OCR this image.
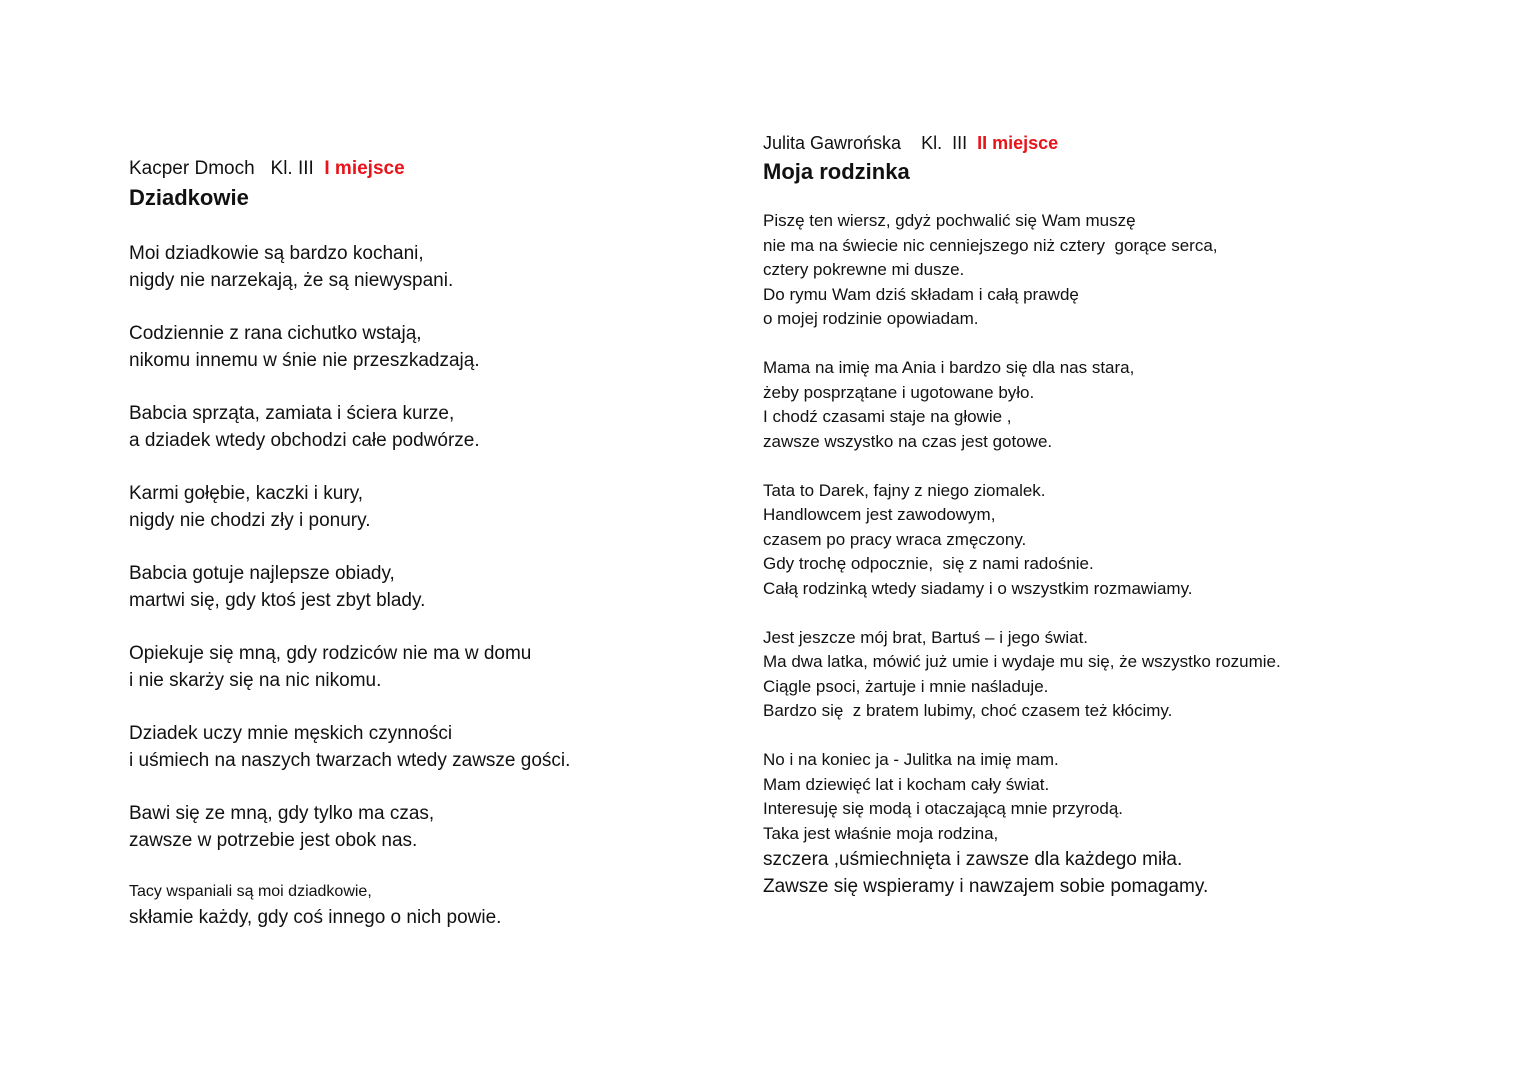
Kacper Dmoch Kl. III I miejsce
Dziadkowie

Moi dziadkowie są bardzo kochani,
nigdy nie narzekają, że są niewyspani.

Codziennie z rana cichutko wstają,
nikomu innemu w śnie nie przeszkadzają.

Babcia sprząta, zamiata i ściera kurze,
a dziadek wtedy obchodzi całe podwórze.

Karmi gołębie, kaczki i kury,
nigdy nie chodzi zły i ponury.

Babcia gotuje najlepsze obiady,
martwi się, gdy ktoś jest zbyt blady.

Opiekuje się mną, gdy rodziców nie ma w domu
i nie skarży się na nic nikomu.

Dziadek uczy mnie męskich czynności
i uśmiech na naszych twarzach wtedy zawsze gości.

Bawi się ze mną, gdy tylko ma czas,
zawsze w potrzebie jest obok nas.

Tacy wspaniali są moi dziadkowie,
skłamie każdy, gdy coś innego o nich powie.

Julita Gawrońska Kl.  III II miejsce
Moja rodzinka

Piszę ten wiersz, gdyż pochwalić się Wam muszę
nie ma na świecie nic cenniejszego niż cztery  gorące serca,
cztery pokrewne mi dusze.
Do rymu Wam dziś składam i całą prawdę
o mojej rodzinie opowiadam.

Mama na imię ma Ania i bardzo się dla nas stara,
żeby posprzątane i ugotowane było.
I chodź czasami staje na głowie ,
zawsze wszystko na czas jest gotowe.

Tata to Darek, fajny z niego ziomalek.
Handlowcem jest zawodowym,
czasem po pracy wraca zmęczony.
Gdy trochę odpocznie,  się z nami radośnie.
Całą rodzinką wtedy siadamy i o wszystkim rozmawiamy.

Jest jeszcze mój brat, Bartuś – i jego świat.
Ma dwa latka, mówić już umie i wydaje mu się, że wszystko rozumie.
Ciągle psoci, żartuje i mnie naśladuje.
Bardzo się  z bratem lubimy, choć czasem też kłócimy.

No i na koniec ja - Julitka na imię mam.
Mam dziewięć lat i kocham cały świat.
Interesuję się modą i otaczającą mnie przyrodą.
Taka jest właśnie moja rodzina,
szczera ,uśmiechnięta i zawsze dla każdego miła.
Zawsze się wspieramy i nawzajem sobie pomagamy.
